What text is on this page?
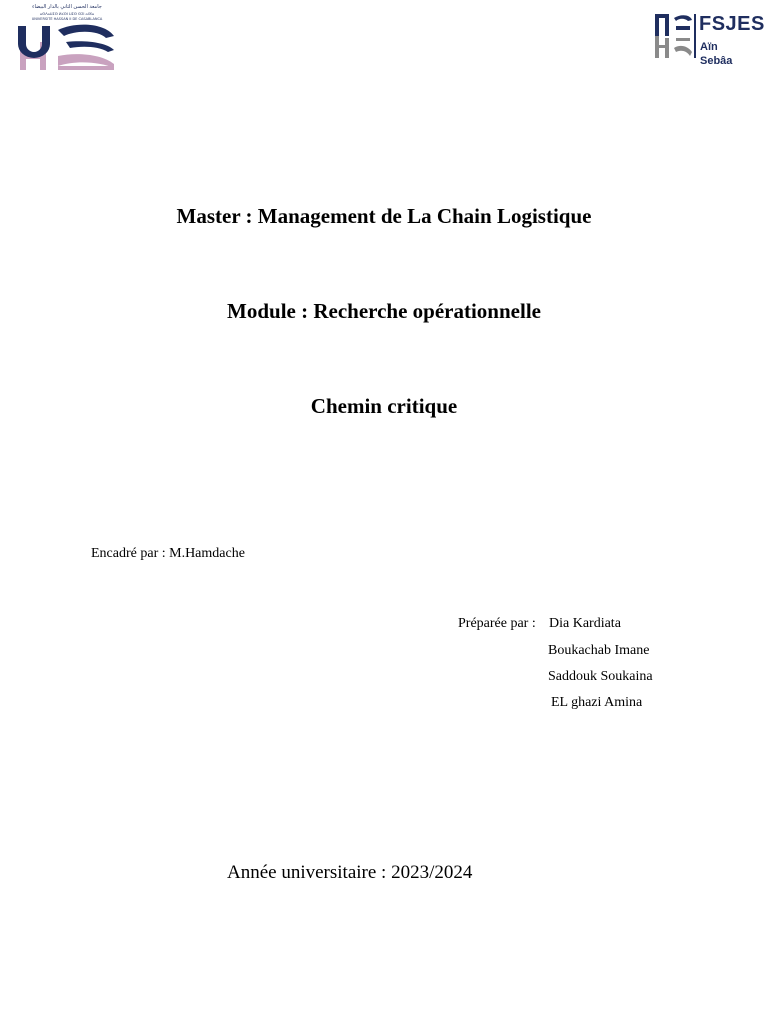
جامعة الحسن الثاني بالدار البيضاء
ⴰⵙⴷⴰⵡⵉⵙ ⵍⵃⵙⵏ ⵡⵉⵙ ⵙⵉⵏ ⴰⵏⴼⴰ
UNIVERSITÉ HASSAN II DE CASABLANCA	FSJES
Aïn Sebâa
Master : Management de La Chain Logistique
Module : Recherche opérationnelle
Chemin critique
Encadré par : M.Hamdache
Préparée par : Dia Kardiata
Boukachab Imane
Saddouk Soukaina
EL ghazi Amina
Année universitaire : 2023/2024
